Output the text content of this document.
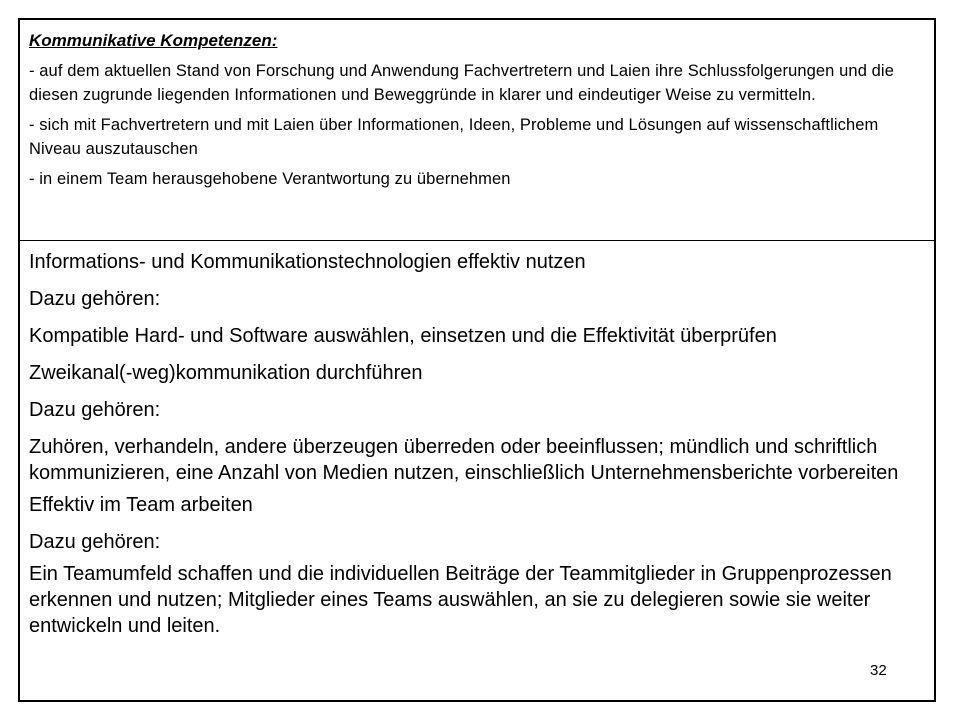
Kommunikative Kompetenzen:

- auf dem aktuellen Stand von Forschung und Anwendung Fachvertretern und Laien ihre Schlussfolgerungen und die diesen zugrunde liegenden Informationen und Beweggründe in klarer und eindeutiger Weise zu vermitteln.

- sich mit Fachvertretern und mit Laien über Informationen, Ideen, Probleme und Lösungen auf wissenschaftlichem Niveau auszutauschen

- in einem Team herausgehobene Verantwortung zu übernehmen

Informations- und Kommunikationstechnologien effektiv nutzen

Dazu gehören:

Kompatible Hard- und Software auswählen, einsetzen und die Effektivität überprüfen

Zweikanal(-weg)kommunikation durchführen

Dazu gehören:

Zuhören, verhandeln, andere überzeugen überreden oder beeinflussen; mündlich und schriftlich kommunizieren, eine Anzahl von Medien nutzen, einschließlich Unternehmensberichte vorbereiten

Effektiv im Team arbeiten

Dazu gehören:

Ein Teamumfeld schaffen und die individuellen Beiträge der Teammitglieder in Gruppenprozessen erkennen und nutzen; Mitglieder eines Teams auswählen, an sie zu delegieren sowie sie weiter entwickeln und leiten.

32
